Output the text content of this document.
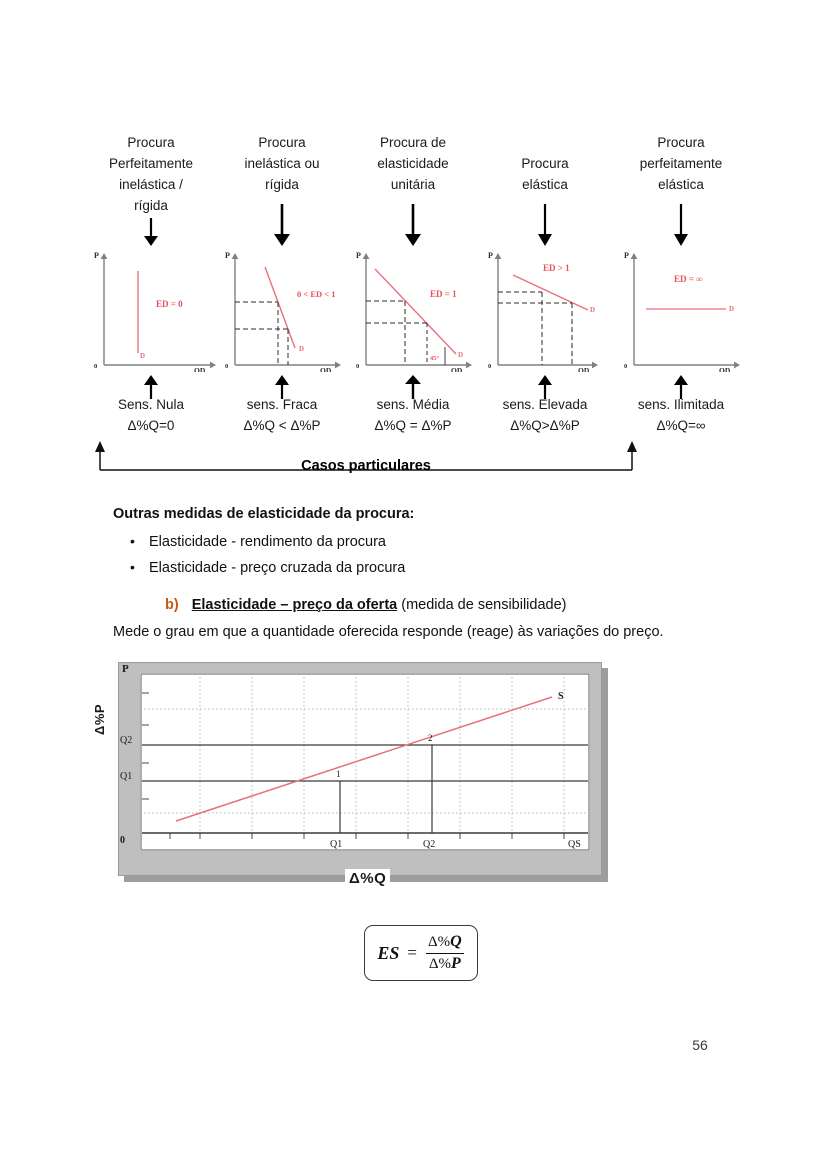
Procura
Perfeitamente
inelástica /
rígida
P
0	QD
D
ED = 0
Sens. Nula
Δ%Q=0
Procura
inelástica ou
rígida
P
0	QD
D
0 < ED < 1
sens. Fraca
Δ%Q < Δ%P
Procura de
elasticidade
unitária
P
0	QD
D
45°
ED = 1
sens. Média
Δ%Q = Δ%P
Procura
elástica
P
0	QD
D
ED > 1
sens. Elevada
Δ%Q>Δ%P
Procura
perfeitamente
elástica
P
0	QD
D
ED = ∞
sens. Ilimitada
Δ%Q=∞
Casos particulares
Outras medidas de elasticidade da procura:
• Elasticidade - rendimento da procura
• Elasticidade - preço cruzada da procura
b) Elasticidade – preço da oferta (medida de sensibilidade)
Mede o grau em que a quantidade oferecida responde (reage) às variações do preço.
1
2
S
P
Q2
Q1
0	Q1	Q2	QS
Δ%P
Δ%Q
ES = $\frac{\Delta\%Q}{\Delta\%P}$
56
